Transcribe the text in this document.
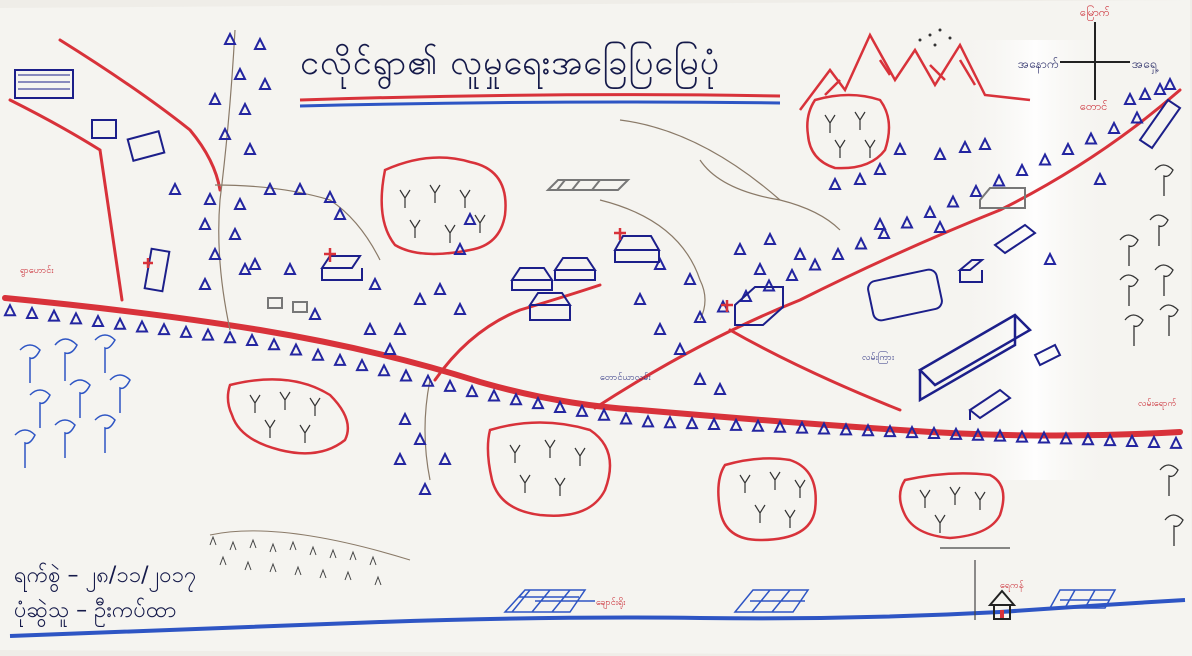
ငလိုင်ရွာ၏ လူမှုရေးအခြေပြမြေပုံ
ရက်စွဲ – ၂၈/၁၁/၂၀၁၇
ပုံဆွဲသူ – ဦးကပ်ထာ
မြောက်
တောင်
အနောက်	အရှေ့
ချောင်းရိုး
ရွာဟောင်း
လမ်းရောက်
လမ်းကြား
တောင်ယာလမ်း
ရေကန်
